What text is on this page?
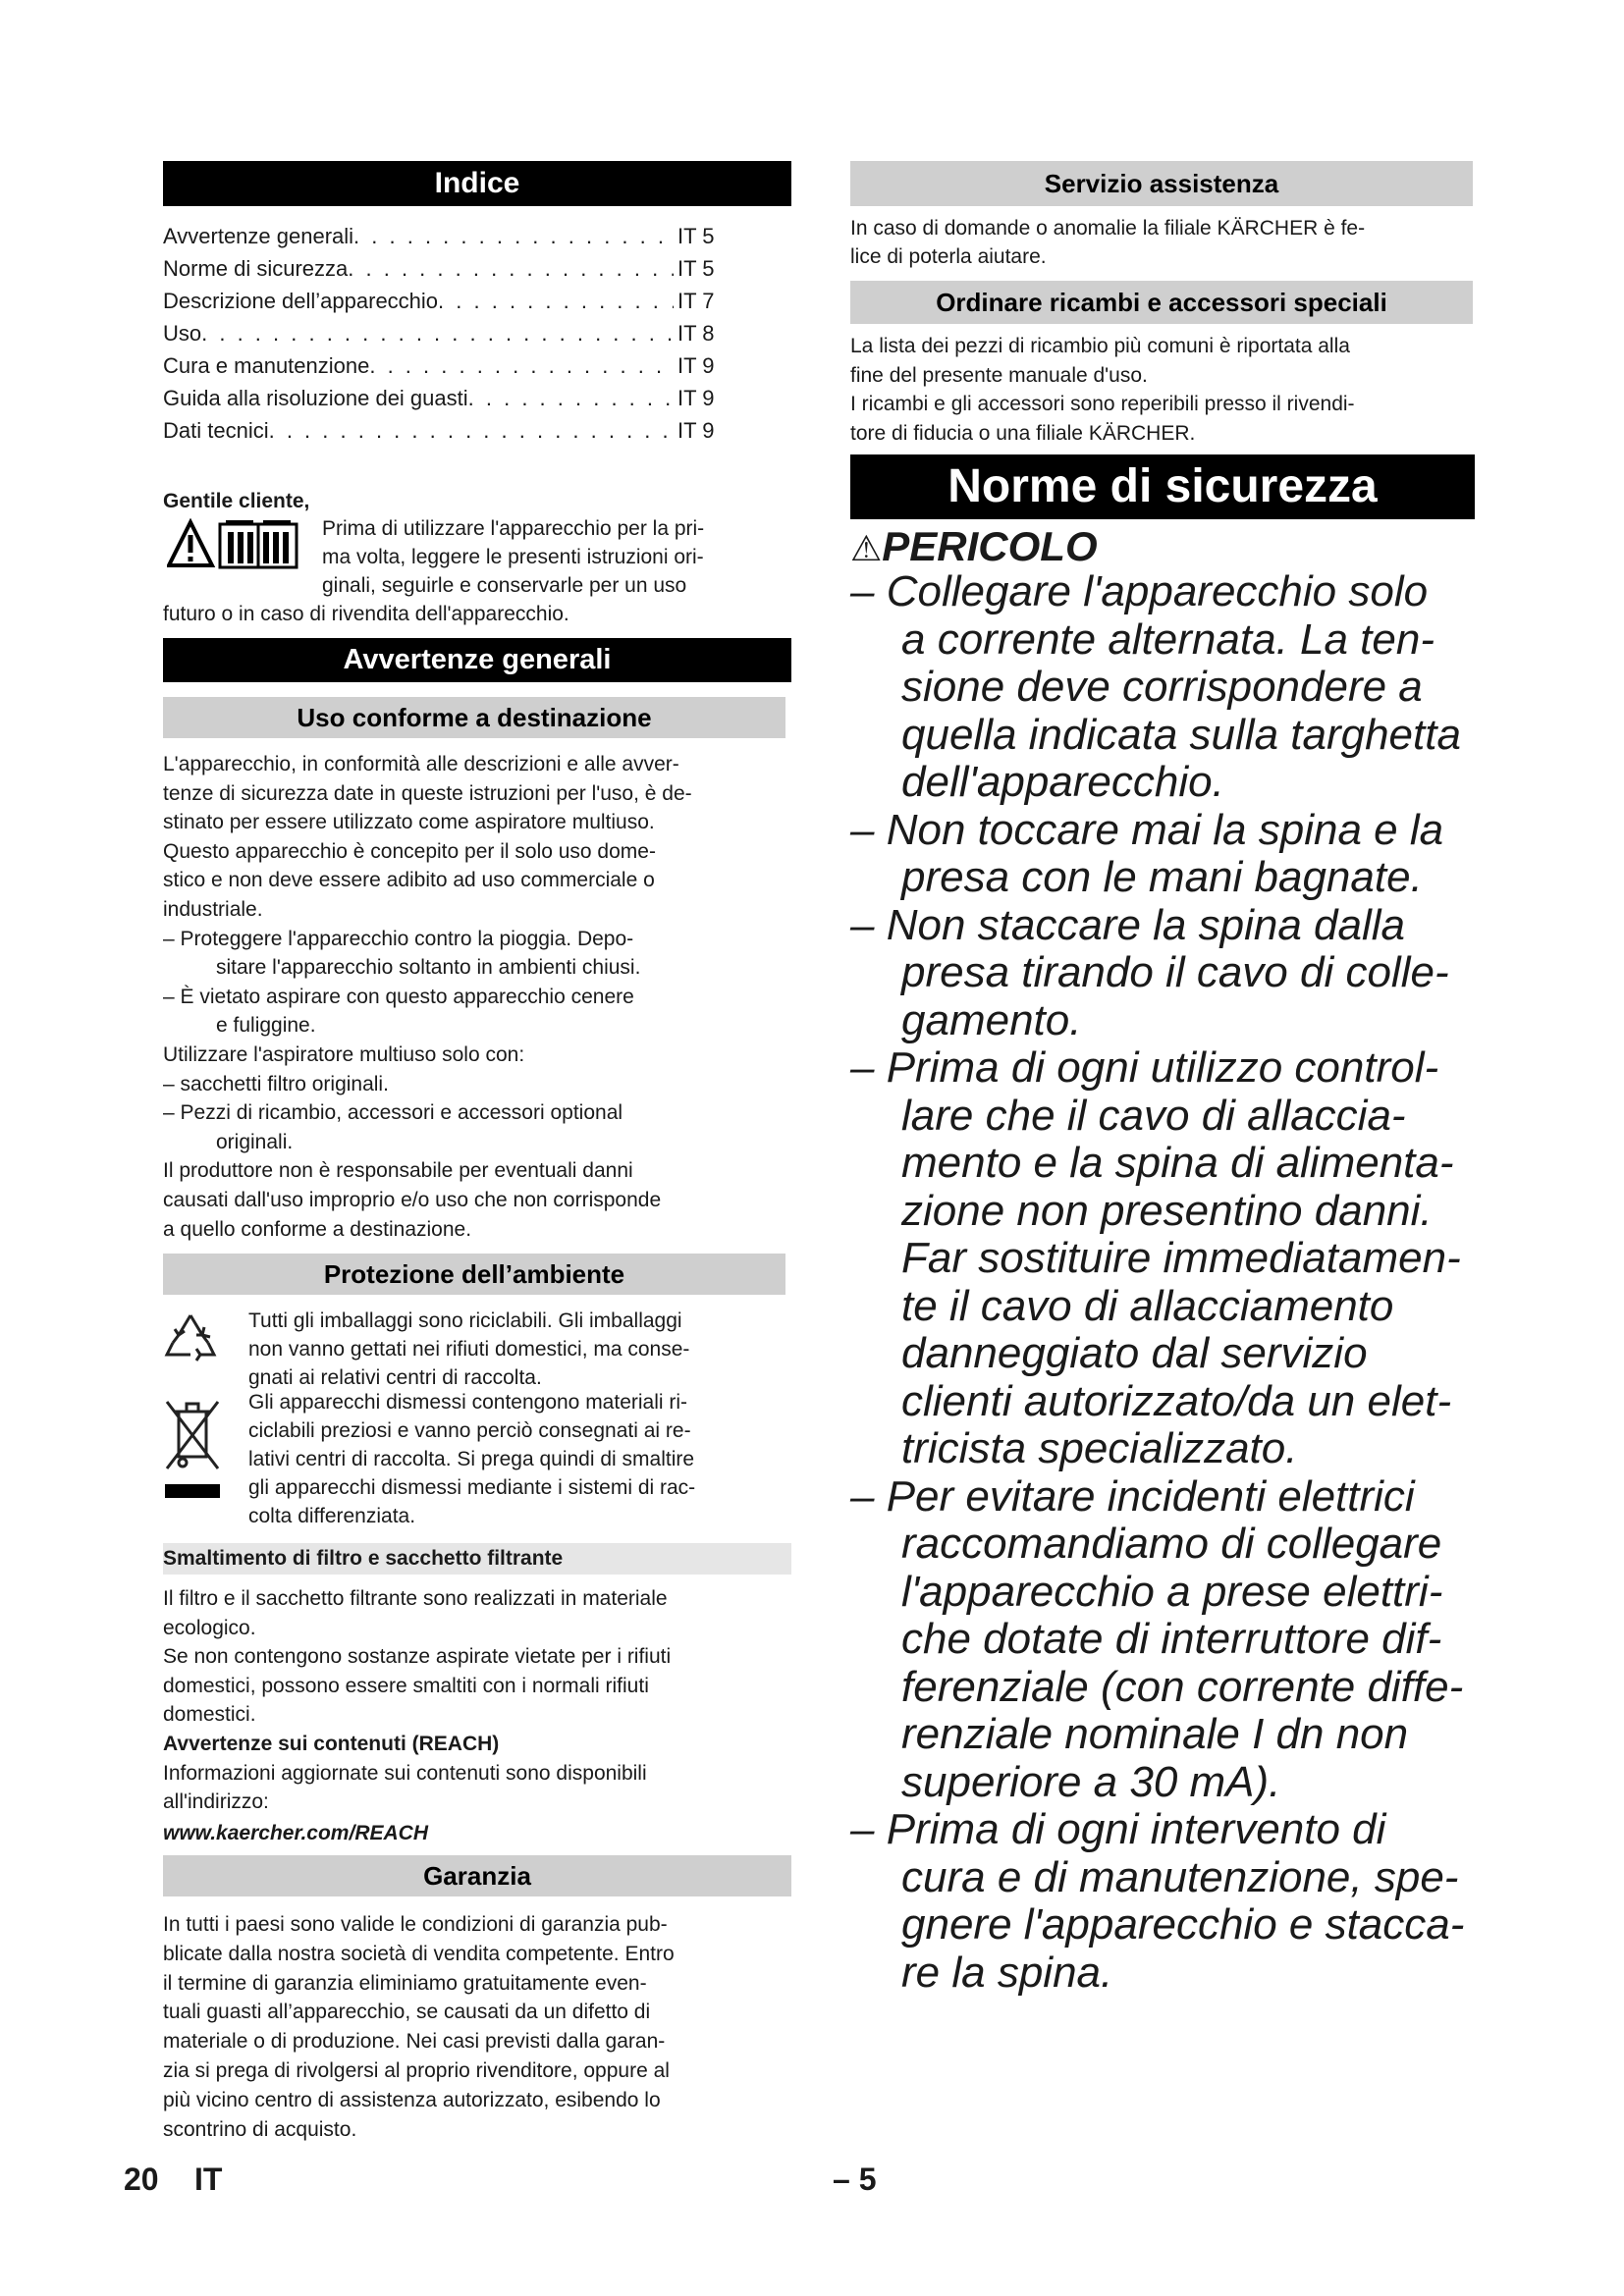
Indice
Avvertenze generali . . .	IT 5
Norme di sicurezza . . .	IT 5
Descrizione dell’apparecchio . . .	IT 7
Uso . . .	IT 8
Cura e manutenzione . . .	IT 9
Guida alla risoluzione dei guasti . . .	IT 9
Dati tecnici . . .	IT 9
Gentile cliente,
Prima di utilizzare l'apparecchio per la pri-
ma volta, leggere le presenti istruzioni ori-
ginali, seguirle e conservarle per un uso
futuro o in caso di rivendita dell'apparecchio.
Avvertenze generali
Uso conforme a destinazione
L'apparecchio, in conformità alle descrizioni e alle avver-
tenze di sicurezza date in queste istruzioni per l'uso, è de-
stinato per essere utilizzato come aspiratore multiuso.
Questo apparecchio è concepito per il solo uso dome-
stico e non deve essere adibito ad uso commerciale o
industriale.
– Proteggere l'apparecchio contro la pioggia. Depo-
sitare l'apparecchio soltanto in ambienti chiusi.
– È vietato aspirare con questo apparecchio cenere
e fuliggine.
Utilizzare l'aspiratore multiuso solo con:
– sacchetti filtro originali.
– Pezzi di ricambio, accessori e accessori optional
originali.
Il produttore non è responsabile per eventuali danni
causati dall'uso improprio e/o uso che non corrisponde
a quello conforme a destinazione.
Protezione dell’ambiente
Tutti gli imballaggi sono riciclabili. Gli imballaggi
non vanno gettati nei rifiuti domestici, ma conse-
gnati ai relativi centri di raccolta.
Gli apparecchi dismessi contengono materiali ri-
ciclabili preziosi e vanno perciò consegnati ai re-
lativi centri di raccolta. Si prega quindi di smaltire
gli apparecchi dismessi mediante i sistemi di rac-
colta differenziata.
Smaltimento di filtro e sacchetto filtrante
Il filtro e il sacchetto filtrante sono realizzati in materiale
ecologico.
Se non contengono sostanze aspirate vietate per i rifiuti
domestici, possono essere smaltiti con i normali rifiuti
domestici.
Avvertenze sui contenuti (REACH)
Informazioni aggiornate sui contenuti sono disponibili
all'indirizzo:
www.kaercher.com/REACH
Garanzia
In tutti i paesi sono valide le condizioni di garanzia pub-
blicate dalla nostra società di vendita competente. Entro
il termine di garanzia eliminiamo gratuitamente even-
tuali guasti all’apparecchio, se causati da un difetto di
materiale o di produzione. Nei casi previsti dalla garan-
zia si prega di rivolgersi al proprio rivenditore, oppure al
più vicino centro di assistenza autorizzato, esibendo lo
scontrino di acquisto.
Servizio assistenza
In caso di domande o anomalie la filiale KÄRCHER è fe-
lice di poterla aiutare.
Ordinare ricambi e accessori speciali
La lista dei pezzi di ricambio più comuni è riportata alla
fine del presente manuale d'uso.
I ricambi e gli accessori sono reperibili presso il rivendi-
tore di fiducia o una filiale KÄRCHER.
Norme di sicurezza
⚠PERICOLO
– Collegare l'apparecchio solo
a corrente alternata. La ten-
sione deve corrispondere a
quella indicata sulla targhetta
dell'apparecchio.
– Non toccare mai la spina e la
presa con le mani bagnate.
– Non staccare la spina dalla
presa tirando il cavo di colle-
gamento.
– Prima di ogni utilizzo control-
lare che il cavo di allaccia-
mento e la spina di alimenta-
zione non presentino danni.
Far sostituire immediatamen-
te il cavo di allacciamento
danneggiato dal servizio
clienti autorizzato/da un elet-
tricista specializzato.
– Per evitare incidenti elettrici
raccomandiamo di collegare
l'apparecchio a prese elettri-
che dotate di interruttore dif-
ferenziale (con corrente diffe-
renziale nominale I dn non
superiore a 30 mA).
– Prima di ogni intervento di
cura e di manutenzione, spe-
gnere l'apparecchio e stacca-
re la spina.
20 IT	– 5
